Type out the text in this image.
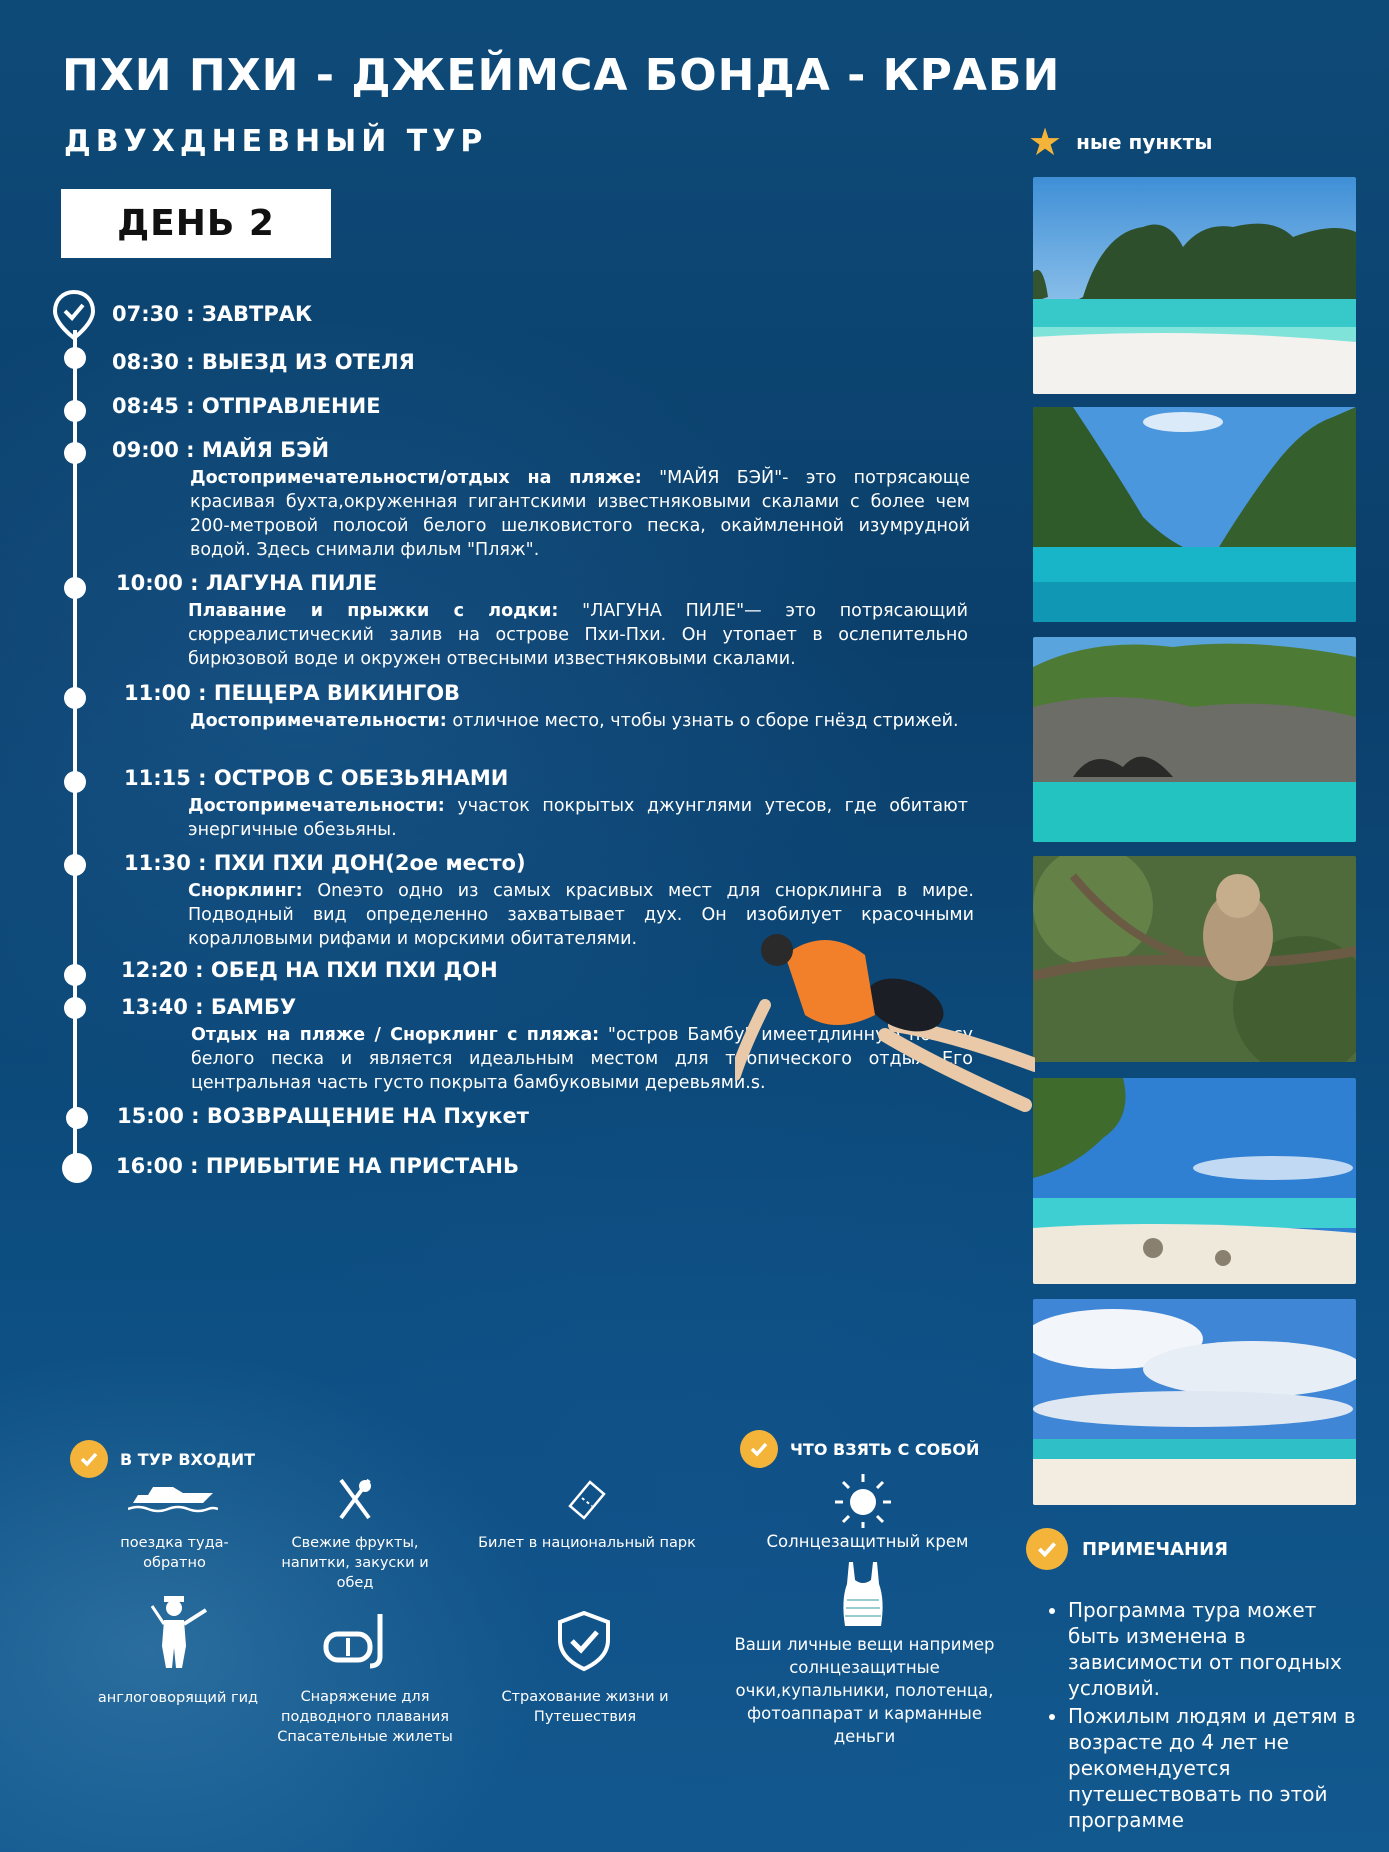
ПХИ ПХИ - ДЖЕЙМСА БОНДА - КРАБИ
ДВУХДНЕВНЫЙ ТУР
ДЕНЬ 2
★ ные пункты
07:30 : ЗАВТРАК
08:30 : ВЫЕЗД ИЗ ОТЕЛЯ
08:45 : ОТПРАВЛЕНИЕ
09:00 : МАЙЯ БЭЙ
Достопримечательности/отдых на пляже: "МАЙЯ БЭЙ"- это потрясающе красивая бухта,окруженная гигантскими известняковыми скалами с более чем 200-метровой полосой белого шелковистого песка, окаймленной изумрудной водой. Здесь снимали фильм "Пляж".
10:00 : ЛАГУНА ПИЛЕ
Плавание и прыжки с лодки: "ЛАГУНА ПИЛЕ"— это потрясающий сюрреалистический залив на острове Пхи-Пхи. Он утопает в ослепительно бирюзовой воде и окружен отвесными известняковыми скалами.
11:00 : ПЕЩЕРА ВИКИНГОВ
Достопримечательности: отличное место, чтобы узнать о сборе гнёзд стрижей.
11:15 : ОСТРОВ С ОБЕЗЬЯНАМИ
Достопримечательности: участок покрытых джунглями утесов, где обитают энергичные обезьяны.
11:30 : ПХИ ПХИ ДОН(2ое место)
Снорклинг: Oneэто одно из самых красивых мест для снорклинга в мире. Подводный вид определенно захватывает дух. Он изобилует красочными коралловыми рифами и морскими обитателями.
12:20 : ОБЕД НА ПХИ ПХИ ДОН
13:40 : БАМБУ
Отдых на пляже / Снорклинг с пляжа: "остров Бамбу" имеетдлинную полосу белого песка и является идеальным местом для тропического отдыха.Его центральная часть густо покрыта бамбуковыми деревьями.s.
15:00 : ВОЗВРАЩЕНИЕ НА Пхукет
16:00 : ПРИБЫТИЕ НА ПРИСТАНЬ
В ТУР ВХОДИТ
поездка туда- обратно
Свежие фрукты, напитки, закуски и обед
Билет в национальный парк
англоговорящий гид	Снаряжение для подводного плавания Спасательные жилеты
Страхование жизни и Путешествия
ЧТО ВЗЯТЬ С СОБОЙ
Солнцезащитный крем
Ваши личные вещи например солнцезащитные очки,купальники, полотенца, фотоаппарат и карманные деньги
ПРИМЕЧАНИЯ
• Программа тура может быть изменена в зависимости от погодных условий.
• Пожилым людям и детям в возрасте до 4 лет не рекомендуется путешествовать по этой программе
